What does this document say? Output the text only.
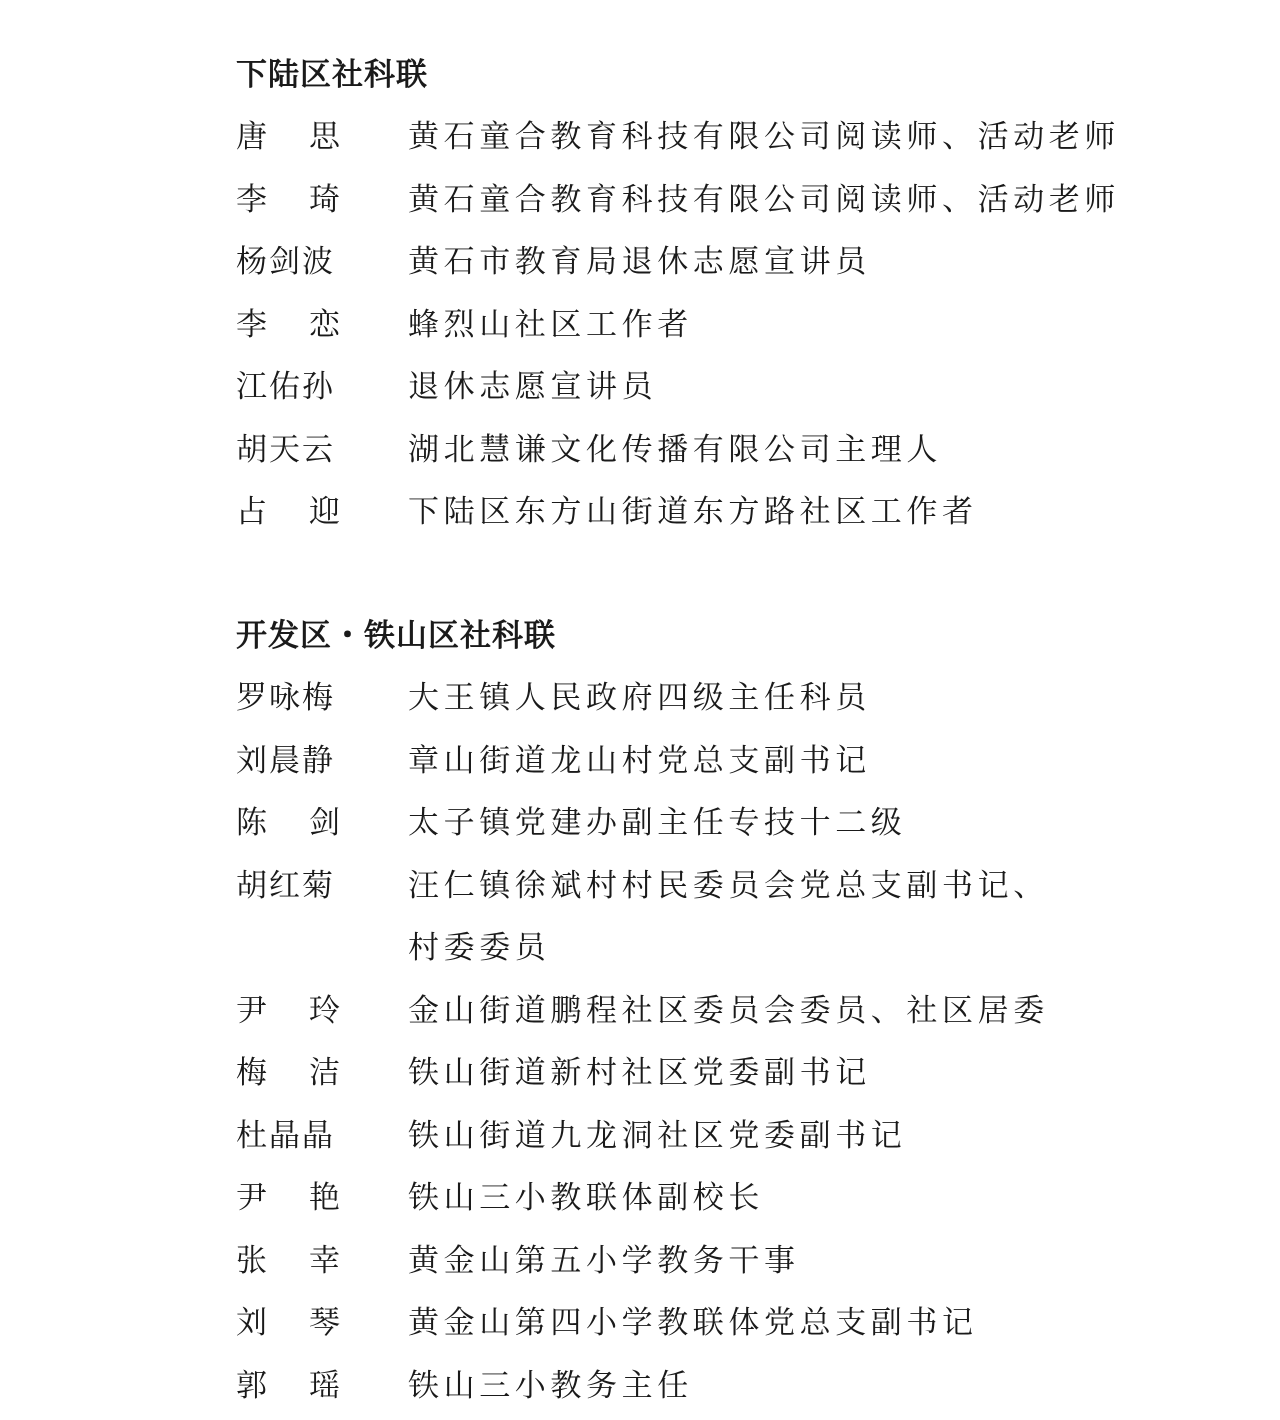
下陆区社科联
唐思 黄石童合教育科技有限公司阅读师、活动老师
李琦 黄石童合教育科技有限公司阅读师、活动老师
杨剑波	黄石市教育局退休志愿宣讲员
李恋 蜂烈山社区工作者
江佑孙	退休志愿宣讲员
胡天云	湖北慧谦文化传播有限公司主理人
占迎 下陆区东方山街道东方路社区工作者
开发区・铁山区社科联
罗咏梅	大王镇人民政府四级主任科员
刘晨静	章山街道龙山村党总支副书记
陈剑 太子镇党建办副主任专技十二级
胡红菊	汪仁镇徐斌村村民委员会党总支副书记、
村委委员
尹玲 金山街道鹏程社区委员会委员、社区居委
梅洁 铁山街道新村社区党委副书记
杜晶晶	铁山街道九龙洞社区党委副书记
尹艳 铁山三小教联体副校长
张幸 黄金山第五小学教务干事
刘琴 黄金山第四小学教联体党总支副书记
郭瑶 铁山三小教务主任
